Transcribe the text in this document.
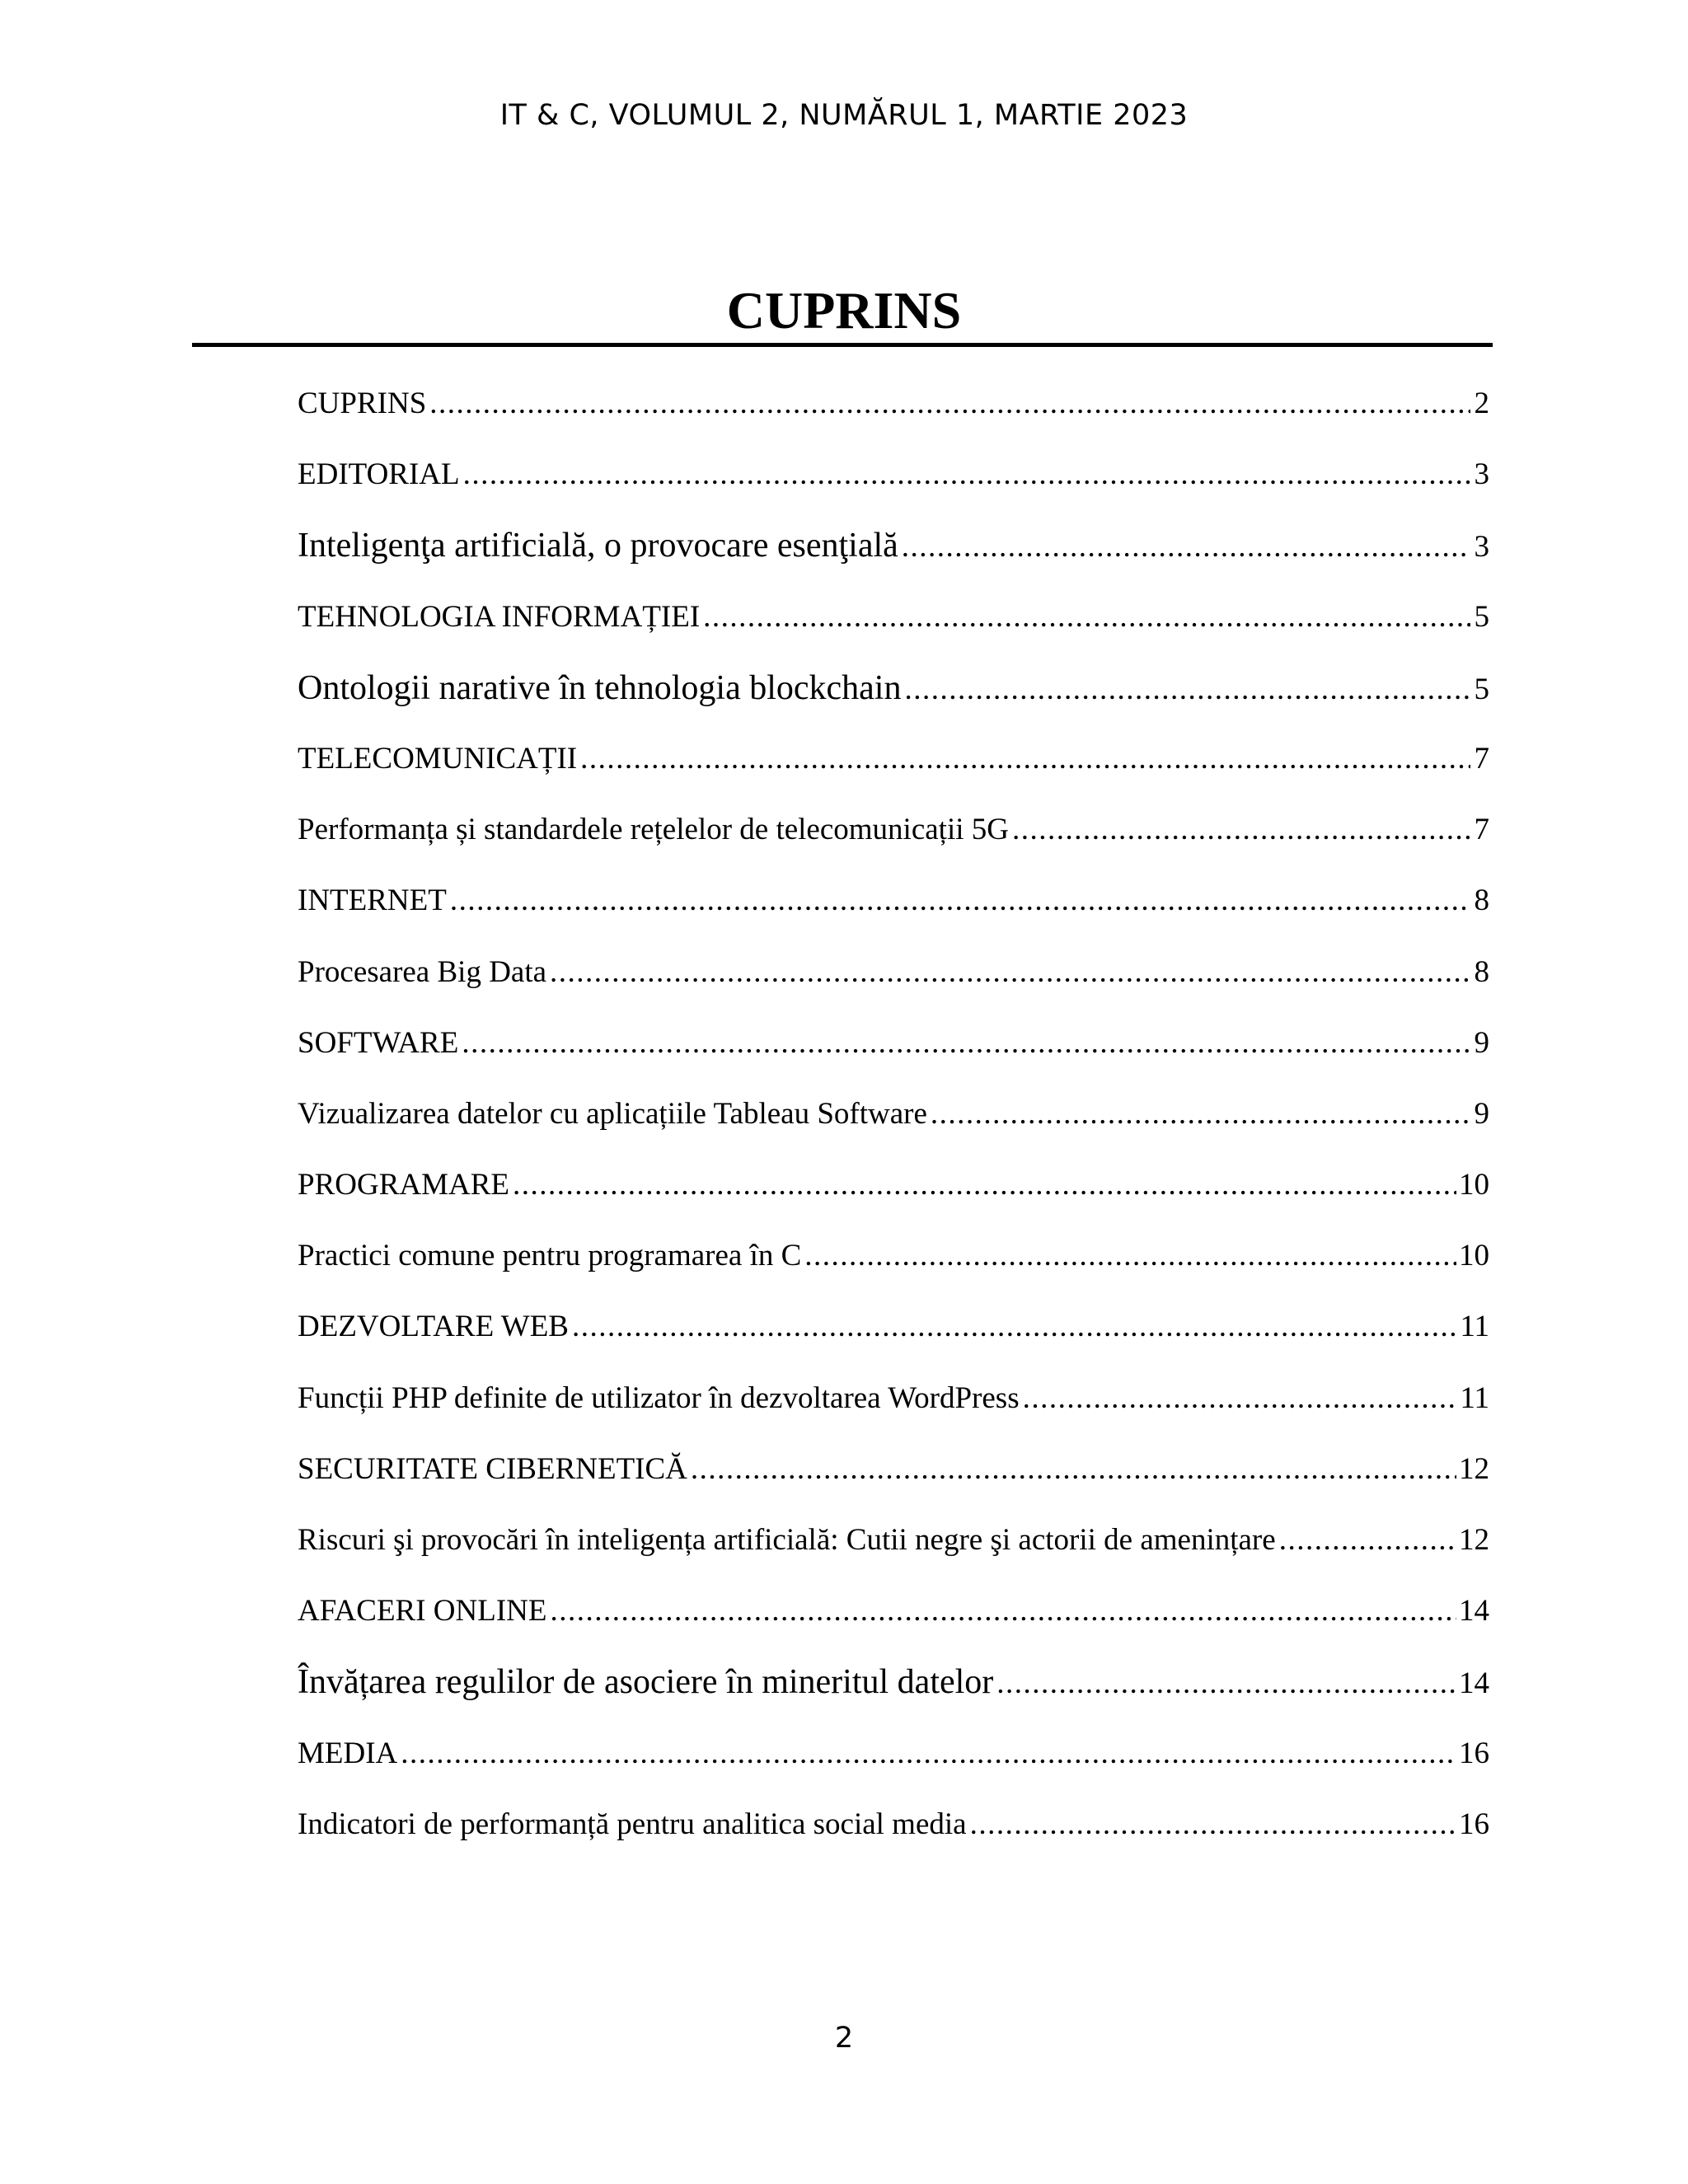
IT & C, VOLUMUL 2, NUMĂRUL 1, MARTIE 2023
CUPRINS
CUPRINS .....	2
EDITORIAL .....	3
Inteligenţa artificială, o provocare esenţială .....	3
TEHNOLOGIA INFORMAȚIEI .....	5
Ontologii narative în tehnologia blockchain .....	5
TELECOMUNICAȚII .....	7
Performanța și standardele rețelelor de telecomunicații 5G .....	7
INTERNET .....	8
Procesarea Big Data .....	8
SOFTWARE .....	9
Vizualizarea datelor cu aplicațiile Tableau Software .....	9
PROGRAMARE .....	10
Practici comune pentru programarea în C .....	10
DEZVOLTARE WEB .....	11
Funcții PHP definite de utilizator în dezvoltarea WordPress .....	11
SECURITATE CIBERNETICĂ .....	12
Riscuri şi provocări în inteligența artificială: Cutii negre şi actorii de amenințare .....	12
AFACERI ONLINE .....	14
Învățarea regulilor de asociere în mineritul datelor .....	14
MEDIA .....	16
Indicatori de performanță pentru analitica social media .....	16
2
